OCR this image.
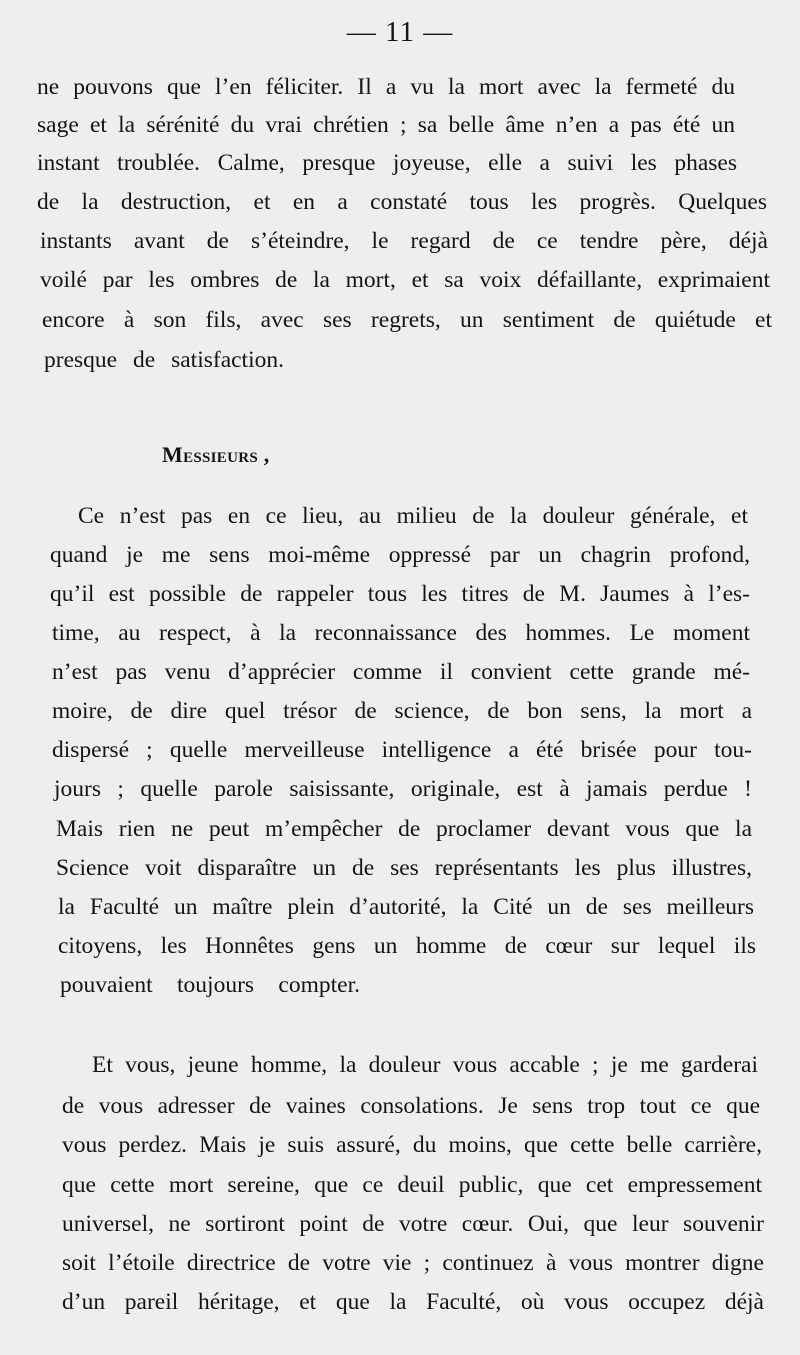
— 11 —
ne pouvons que l’en féliciter. Il a vu la mort avec la fermeté du
sage et la sérénité du vrai chrétien ; sa belle âme n’en a pas été un
instant troublée. Calme, presque joyeuse, elle a suivi les phases
de la destruction, et en a constaté tous les progrès. Quelques
instants avant de s’éteindre, le regard de ce tendre père, déjà
voilé par les ombres de la mort, et sa voix défaillante, exprimaient
encore à son fils, avec ses regrets, un sentiment de quiétude et
presque de satisfaction.
Messieurs ,
Ce n’est pas en ce lieu, au milieu de la douleur générale, et
quand je me sens moi-même oppressé par un chagrin profond,
qu’il est possible de rappeler tous les titres de M. Jaumes à l’es-
time, au respect, à la reconnaissance des hommes. Le moment
n’est pas venu d’apprécier comme il convient cette grande mé-
moire, de dire quel trésor de science, de bon sens, la mort a
dispersé ; quelle merveilleuse intelligence a été brisée pour tou-
jours ; quelle parole saisissante, originale, est à jamais perdue !
Mais rien ne peut m’empêcher de proclamer devant vous que la
Science voit disparaître un de ses représentants les plus illustres,
la Faculté un maître plein d’autorité, la Cité un de ses meilleurs
citoyens, les Honnêtes gens un homme de cœur sur lequel ils
pouvaient toujours compter.
Et vous, jeune homme, la douleur vous accable ; je me garderai
de vous adresser de vaines consolations. Je sens trop tout ce que
vous perdez. Mais je suis assuré, du moins, que cette belle carrière,
que cette mort sereine, que ce deuil public, que cet empressement
universel, ne sortiront point de votre cœur. Oui, que leur souvenir
soit l’étoile directrice de votre vie ; continuez à vous montrer digne
d’un pareil héritage, et que la Faculté, où vous occupez déjà
